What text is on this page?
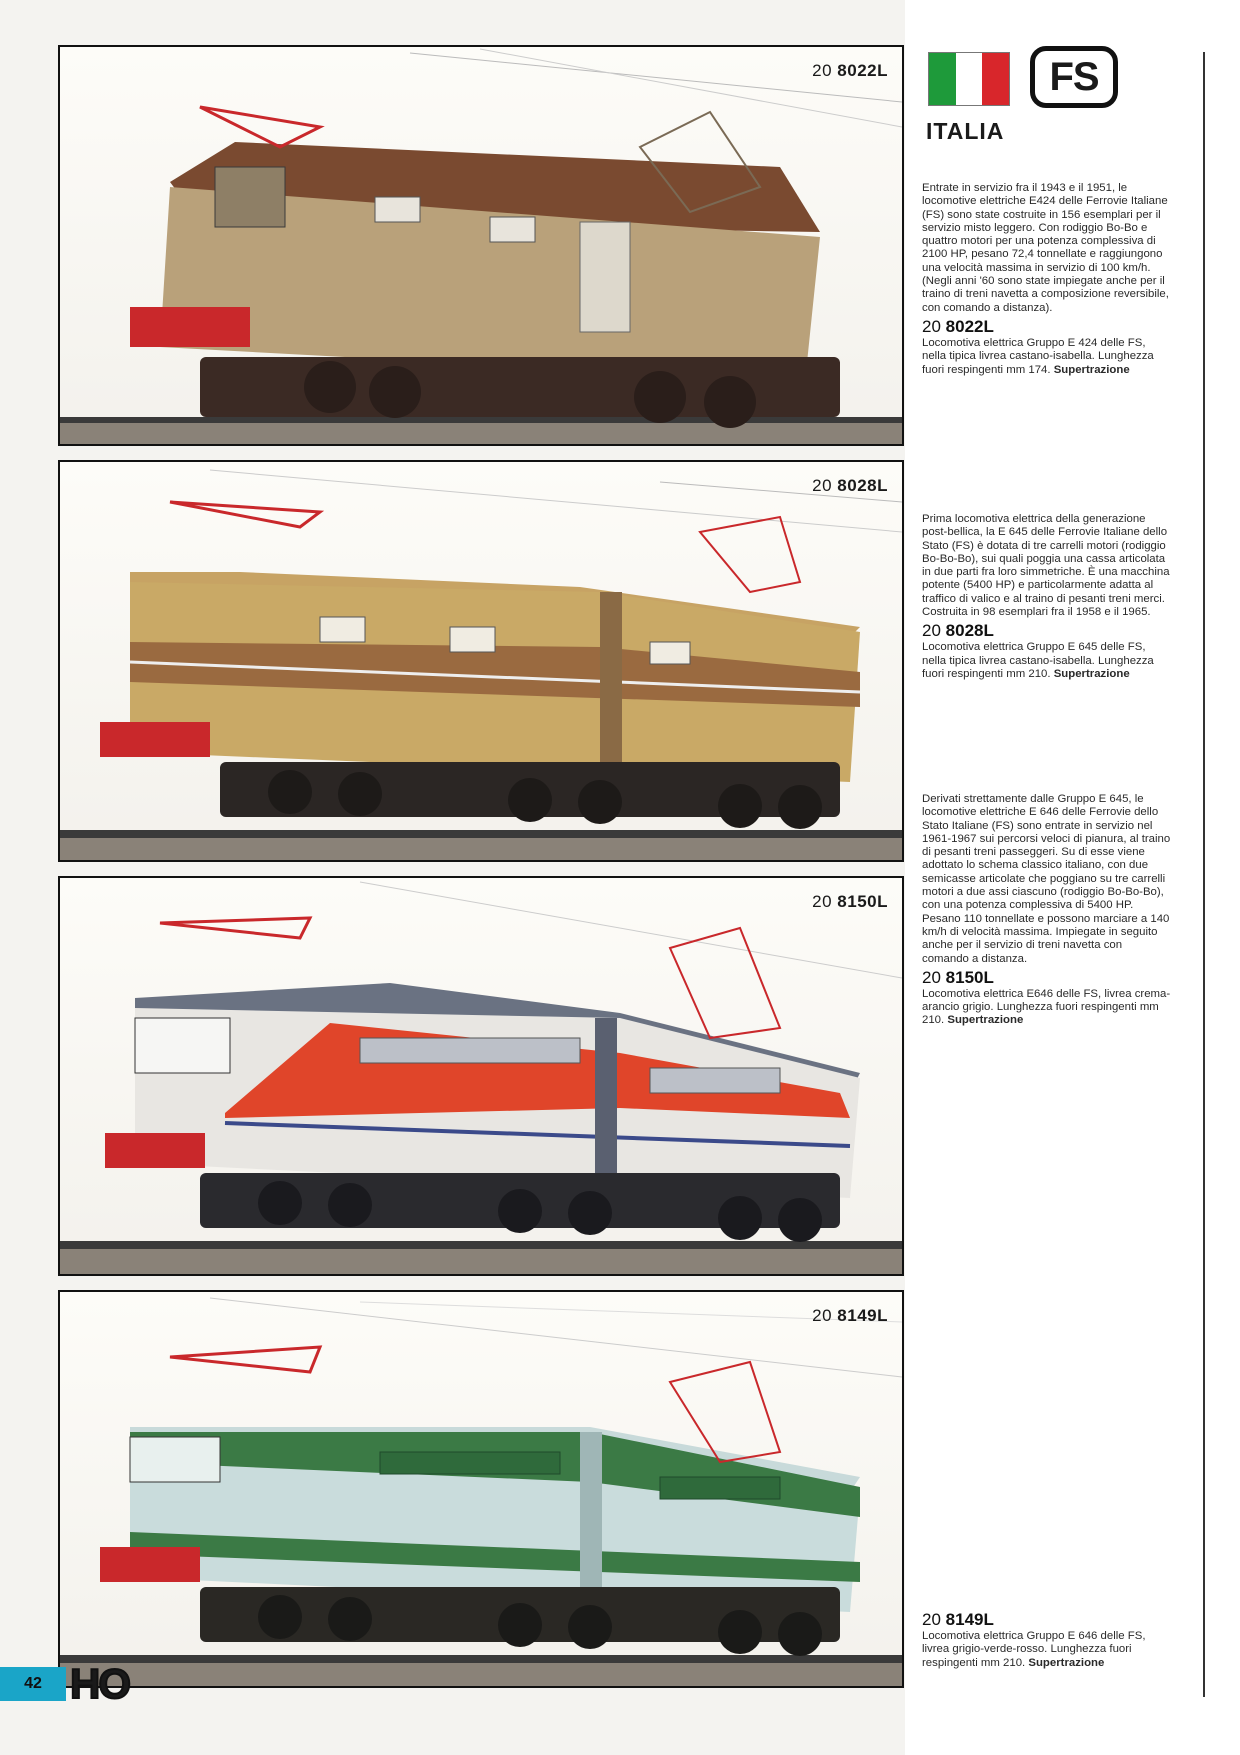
20 8022L
20 8028L
20 8150L
20 8149L
FS
ITALIA
Entrate in servizio fra il 1943 e il 1951, le locomotive elettriche E424 delle Ferrovie Italiane (FS) sono state costruite in 156 esemplari per il servizio misto leggero. Con rodiggio Bo-Bo e quattro motori per una potenza complessiva di 2100 HP, pesano 72,4 tonnellate e raggiungono una velocità massima in servizio di 100 km/h. (Negli anni '60 sono state impiegate anche per il traino di treni navetta a composizione reversibile, con comando a distanza).
20 8022L
Locomotiva elettrica Gruppo E 424 delle FS, nella tipica livrea castano-isabella. Lunghezza fuori respingenti mm 174. Supertrazione
Prima locomotiva elettrica della generazione post-bellica, la E 645 delle Ferrovie Italiane dello Stato (FS) è dotata di tre carrelli motori (rodiggio Bo-Bo-Bo), sui quali poggia una cassa articolata in due parti fra loro simmetriche. È una macchina potente (5400 HP) e particolarmente adatta al traffico di valico e al traino di pesanti treni merci. Costruita in 98 esemplari fra il 1958 e il 1965.
20 8028L
Locomotiva elettrica Gruppo E 645 delle FS, nella tipica livrea castano-isabella. Lunghezza fuori respingenti mm 210. Supertrazione
Derivati strettamente dalle Gruppo E 645, le locomotive elettriche E 646 delle Ferrovie dello Stato Italiane (FS) sono entrate in servizio nel 1961-1967 sui percorsi veloci di pianura, al traino di pesanti treni passeggeri. Su di esse viene adottato lo schema classico italiano, con due semicasse articolate che poggiano su tre carrelli motori a due assi ciascuno (rodiggio Bo-Bo-Bo), con una potenza complessiva di 5400 HP. Pesano 110 tonnellate e possono marciare a 140 km/h di velocità massima. Impiegate in seguito anche per il servizio di treni navetta con comando a distanza.
20 8150L
Locomotiva elettrica E646 delle FS, livrea crema-arancio grigio. Lunghezza fuori respingenti mm 210. Supertrazione
20 8149L
Locomotiva elettrica Gruppo E 646 delle FS, livrea grigio-verde-rosso. Lunghezza fuori respingenti mm 210. Supertrazione
42 HO
